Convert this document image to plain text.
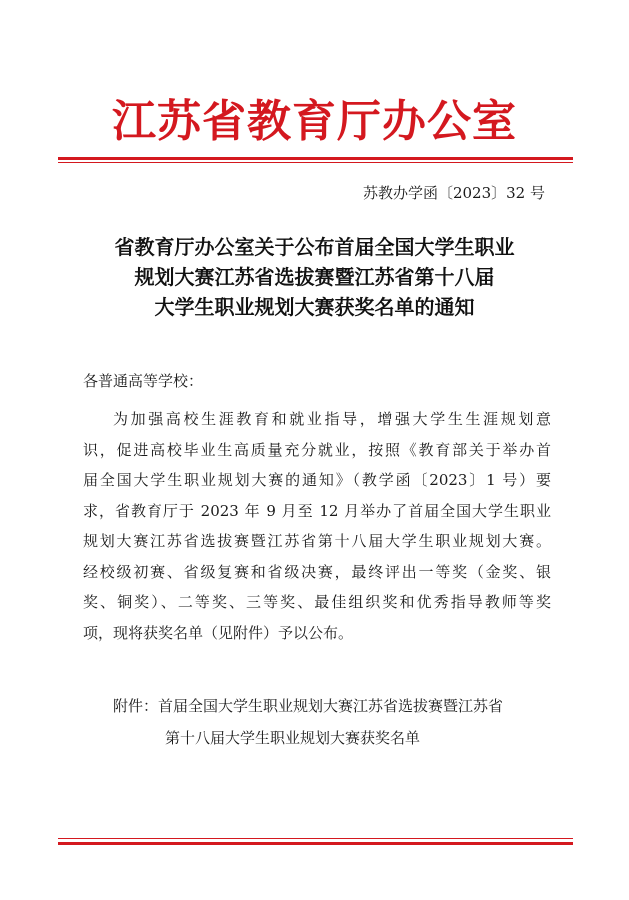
江苏省教育厅办公室
苏教办学函〔2023〕32 号
省教育厅办公室关于公布首届全国大学生职业
规划大赛江苏省选拔赛暨江苏省第十八届
大学生职业规划大赛获奖名单的通知
各普通高等学校：
为加强高校生涯教育和就业指导，增强大学生生涯规划意
识，促进高校毕业生高质量充分就业，按照《教育部关于举办首
届全国大学生职业规划大赛的通知》（教学函〔2023〕1 号）要
求，省教育厅于 2023 年 9 月至 12 月举办了首届全国大学生职业
规划大赛江苏省选拔赛暨江苏省第十八届大学生职业规划大赛。
经校级初赛、省级复赛和省级决赛，最终评出一等奖（金奖、银
奖、铜奖）、二等奖、三等奖、最佳组织奖和优秀指导教师等奖
项，现将获奖名单（见附件）予以公布。
附件：首届全国大学生职业规划大赛江苏省选拔赛暨江苏省
第十八届大学生职业规划大赛获奖名单
